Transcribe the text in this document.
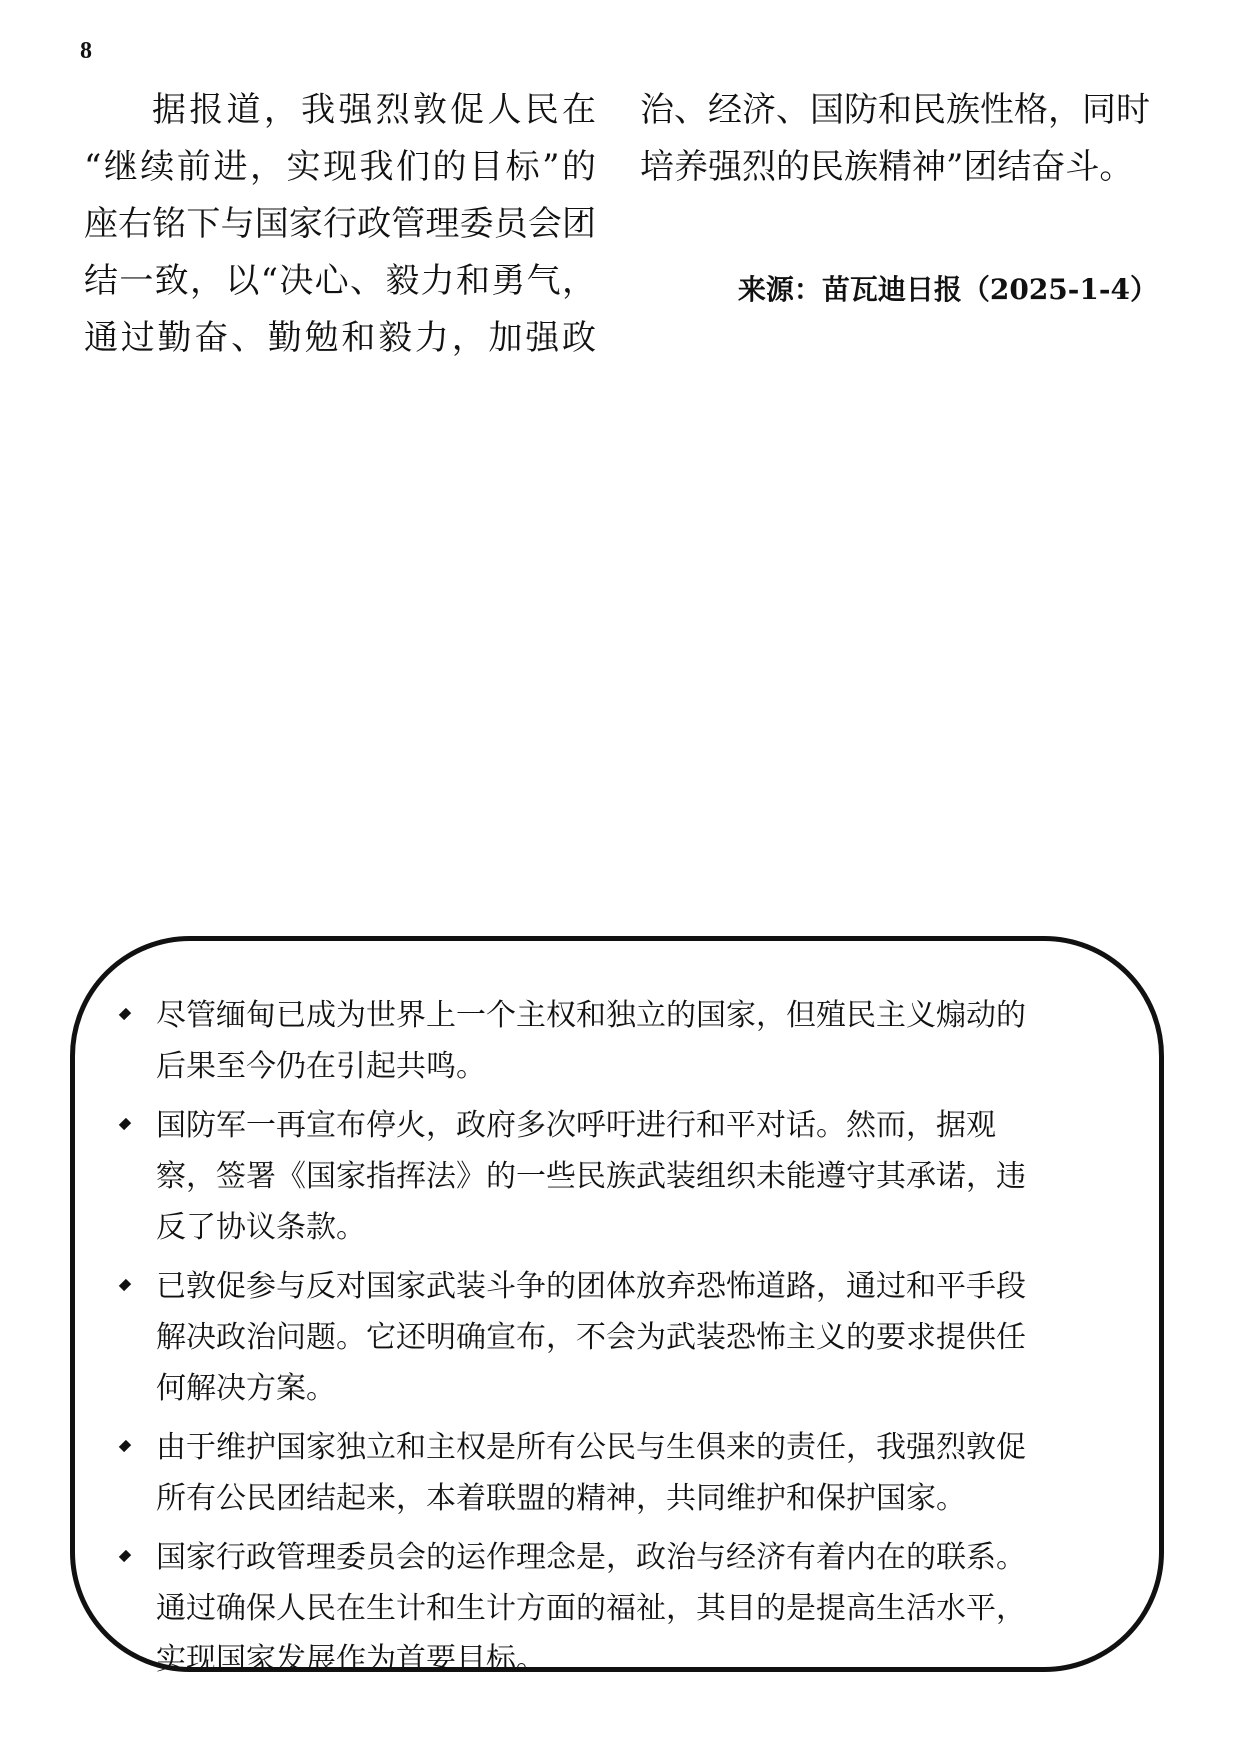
8

据报道，我强烈敦促人民在

“继续前进，实现我们的目标”的

座右铭下与国家行政管理委员会团

结一致，以“决心、毅力和勇气，

通过勤奋、勤勉和毅力，加强政

治、经济、国防和民族性格，同时
培养强烈的民族精神”团结奋斗。
来源：苗瓦迪日报（2025-1-4）
尽管缅甸已成为世界上一个主权和独立的国家，但殖民主义煽动的
后果至今仍在引起共鸣。
国防军一再宣布停火，政府多次呼吁进行和平对话。然而，据观
察，签署《国家指挥法》的一些民族武装组织未能遵守其承诺，违
反了协议条款。
已敦促参与反对国家武装斗争的团体放弃恐怖道路，通过和平手段
解决政治问题。它还明确宣布，不会为武装恐怖主义的要求提供任
何解决方案。
由于维护国家独立和主权是所有公民与生俱来的责任，我强烈敦促
所有公民团结起来，本着联盟的精神，共同维护和保护国家。
国家行政管理委员会的运作理念是，政治与经济有着内在的联系。
通过确保人民在生计和生计方面的福祉，其目的是提高生活水平，
实现国家发展作为首要目标。
